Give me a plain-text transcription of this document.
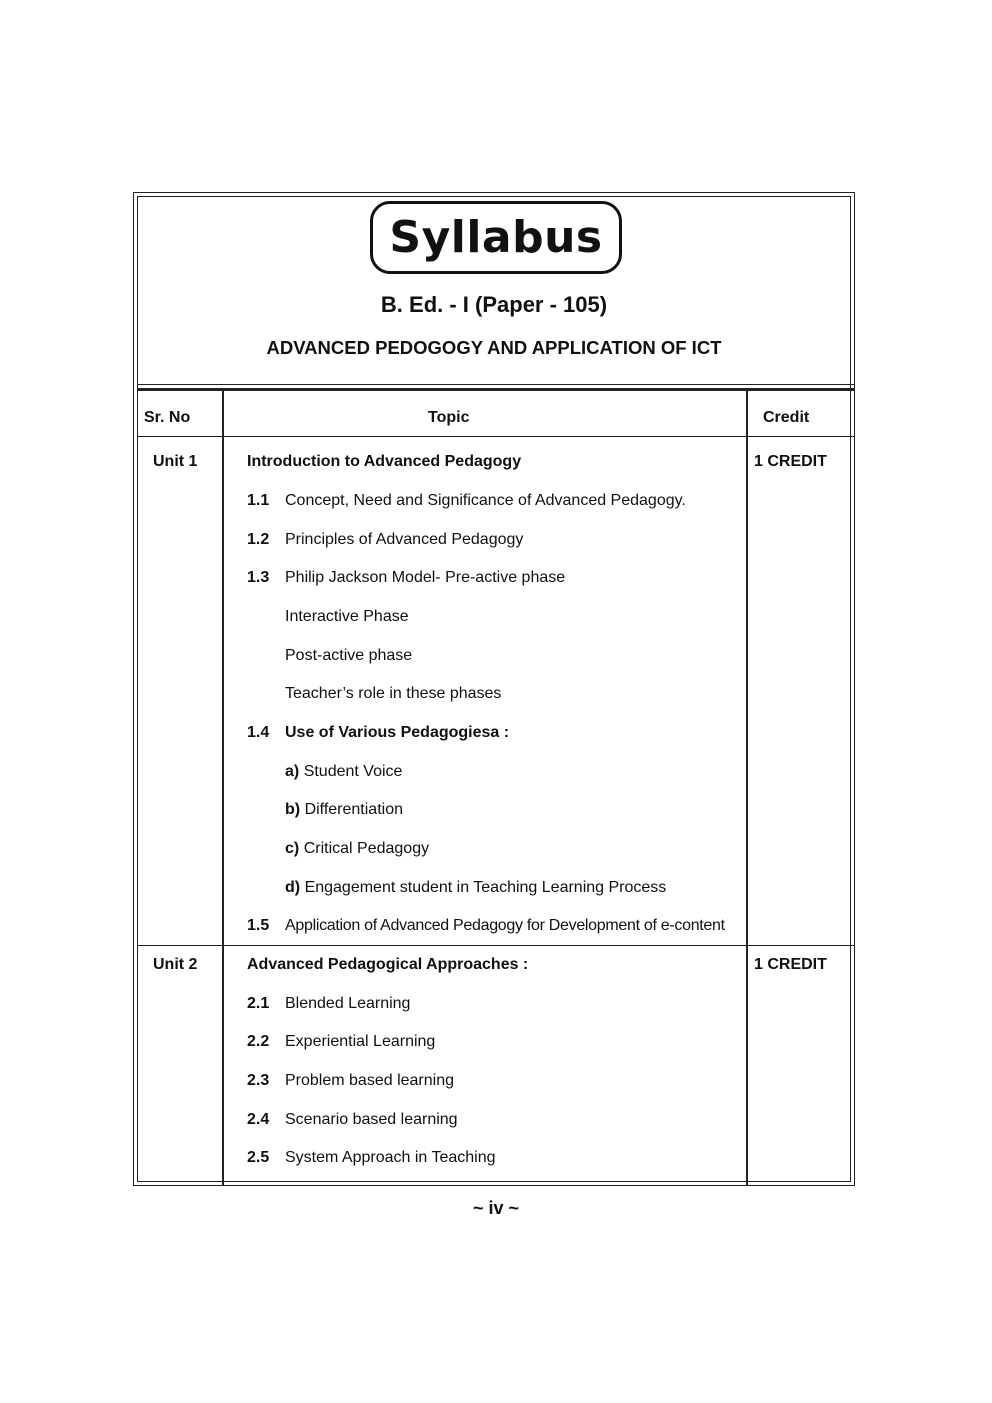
Syllabus
B. Ed. - I (Paper - 105)
ADVANCED PEDOGOGY AND APPLICATION OF ICT
Sr. No	Topic	Credit
Unit 1	Introduction to Advanced Pedagogy	1 CREDIT
1.1 Concept, Need and Significance of Advanced Pedagogy.
1.2 Principles of Advanced Pedagogy
1.3 Philip Jackson Model- Pre-active phase
Interactive Phase
Post-active phase
Teacher’s role in these phases
1.4 Use of Various Pedagogiesa :
a) Student Voice
b) Differentiation
c) Critical Pedagogy
d) Engagement student in Teaching Learning Process
1.5 Application of Advanced Pedagogy for Development of e-content
Unit 2	Advanced Pedagogical Approaches :	1 CREDIT
2.1 Blended Learning
2.2 Experiential Learning
2.3 Problem based learning
2.4 Scenario based learning
2.5 System Approach in Teaching
~ iv ~
